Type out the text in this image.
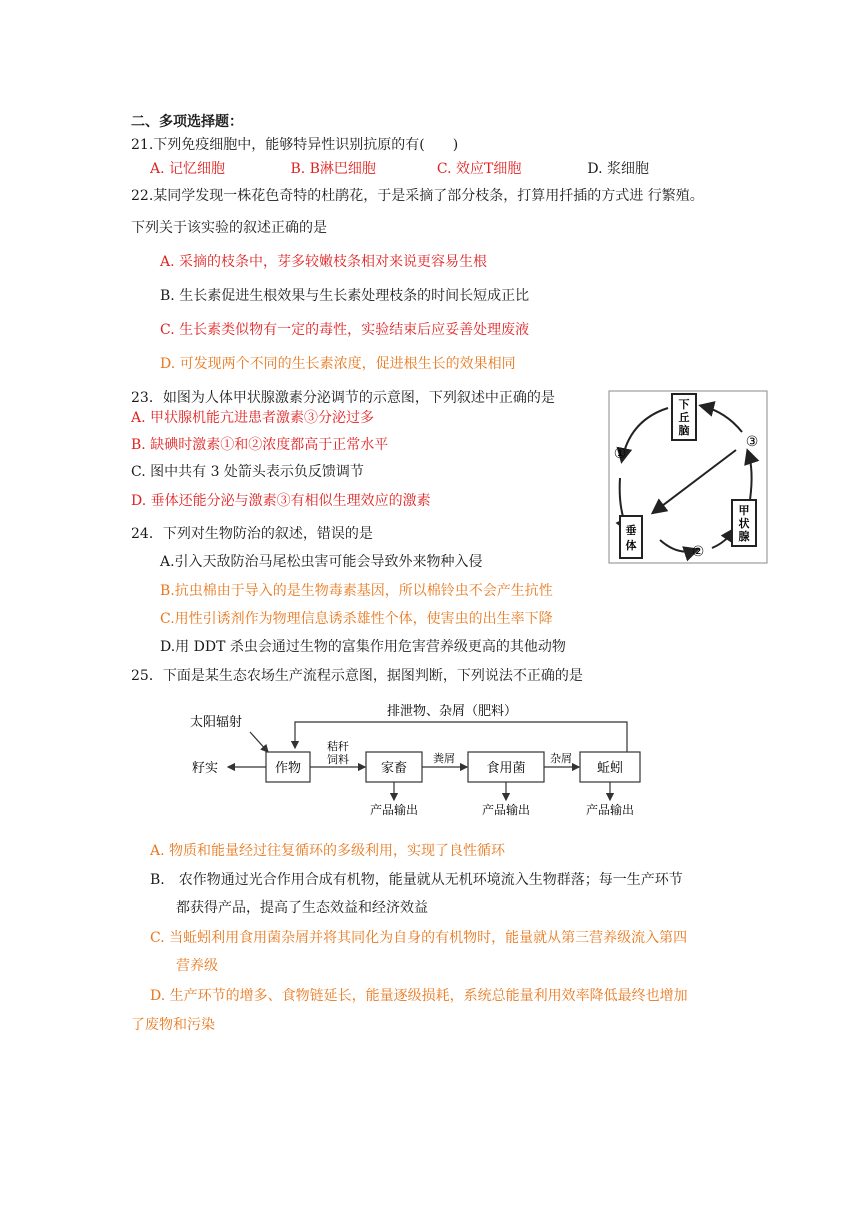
二、多项选择题：
21.下列免疫细胞中，能够特异性识别抗原的有(　　)
A. 记忆细胞	B. B淋巴细胞	C. 效应T细胞	D. 浆细胞
22.某同学发现一株花色奇特的杜鹃花，于是采摘了部分枝条，打算用扦插的方式进 行繁殖。
下列关于该实验的叙述正确的是
A. 采摘的枝条中，芽多较嫩枝条相对来说更容易生根
B. 生长素促进生根效果与生长素处理枝条的时间长短成正比
C. 生长素类似物有一定的毒性，实验结束后应妥善处理废液
D. 可发现两个不同的生长素浓度，促进根生长的效果相同
23．如图为人体甲状腺激素分泌调节的示意图，下列叙述中正确的是
A. 甲状腺机能亢进患者激素③分泌过多
B. 缺碘时激素①和②浓度都高于正常水平
C. 图中共有 3 处箭头表示负反馈调节
D. 垂体还能分泌与激素③有相似生理效应的激素
下
丘
脑
垂
体
甲
状
腺
①
②
③
24．下列对生物防治的叙述，错误的是
A.引入天敌防治马尾松虫害可能会导致外来物种入侵
B.抗虫棉由于导入的是生物毒素基因，所以棉铃虫不会产生抗性
C.用性引诱剂作为物理信息诱杀雄性个体，使害虫的出生率下降
D.用 DDT 杀虫会通过生物的富集作用危害营养级更高的其他动物
25．下面是某生态农场生产流程示意图，据图判断，下列说法不正确的是
排泄物、杂屑（肥料）
太阳辐射
作物	家畜	食用菌	蚯蚓
籽实
秸秆
饲料	粪屑	杂屑
产品输出	产品输出	产品输出
A. 物质和能量经过往复循环的多级利用，实现了良性循环
B.　农作物通过光合作用合成有机物，能量就从无机环境流入生物群落；每一生产环节
都获得产品，提高了生态效益和经济效益
C. 当蚯蚓利用食用菌杂屑并将其同化为自身的有机物时，能量就从第三营养级流入第四
营养级
D. 生产环节的增多、食物链延长，能量逐级损耗，系统总能量利用效率降低最终也增加
了废物和污染
